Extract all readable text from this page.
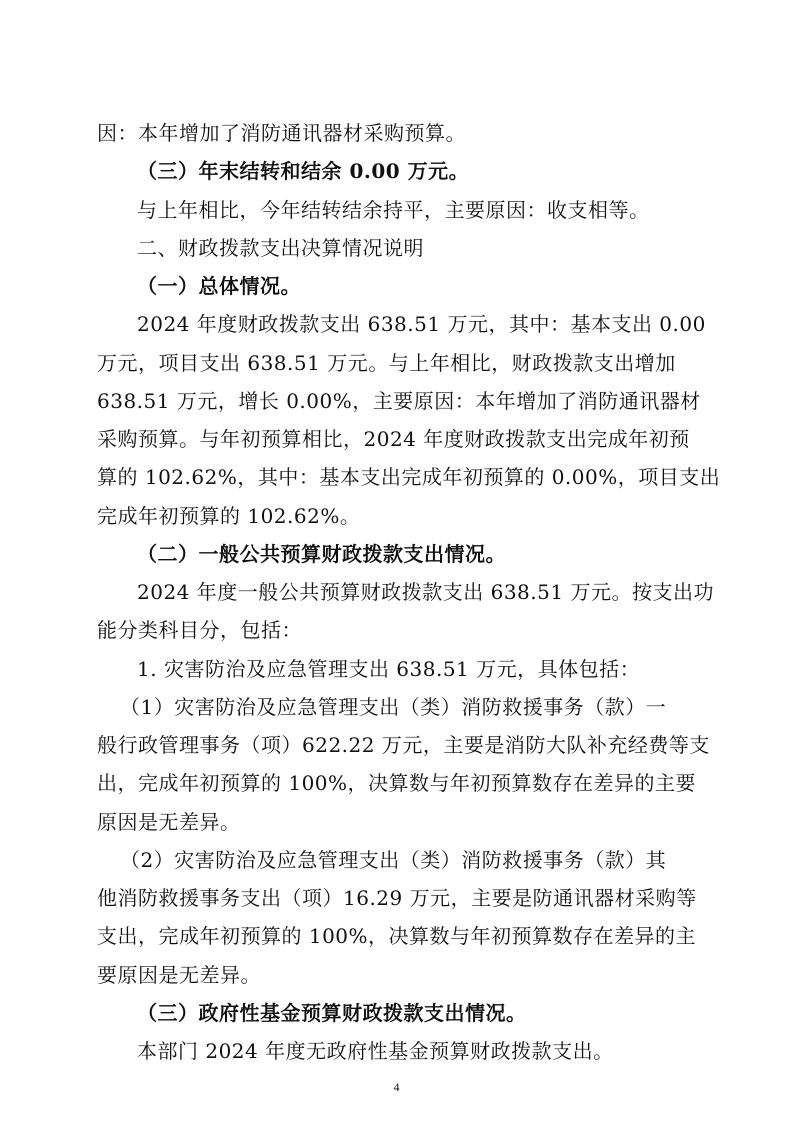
因：本年增加了消防通讯器材采购预算。
（三）年末结转和结余 0.00 万元。
与上年相比，今年结转结余持平，主要原因：收支相等。
二、财政拨款支出决算情况说明
（一）总体情况。
2024 年度财政拨款支出 638.51 万元，其中：基本支出 0.00
万元，项目支出 638.51 万元。与上年相比，财政拨款支出增加
638.51 万元，增长 0.00%，主要原因：本年增加了消防通讯器材
采购预算。与年初预算相比，2024 年度财政拨款支出完成年初预
算的 102.62%，其中：基本支出完成年初预算的 0.00%，项目支出
完成年初预算的 102.62%。
（二）一般公共预算财政拨款支出情况。
2024 年度一般公共预算财政拨款支出 638.51 万元。按支出功
能分类科目分，包括：
1. 灾害防治及应急管理支出 638.51 万元，具体包括：
（1）灾害防治及应急管理支出（类）消防救援事务（款）一
般行政管理事务（项）622.22 万元，主要是消防大队补充经费等支
出，完成年初预算的 100%，决算数与年初预算数存在差异的主要
原因是无差异。
（2）灾害防治及应急管理支出（类）消防救援事务（款）其
他消防救援事务支出（项）16.29 万元，主要是防通讯器材采购等
支出，完成年初预算的 100%，决算数与年初预算数存在差异的主
要原因是无差异。
（三）政府性基金预算财政拨款支出情况。
本部门 2024 年度无政府性基金预算财政拨款支出。
4
